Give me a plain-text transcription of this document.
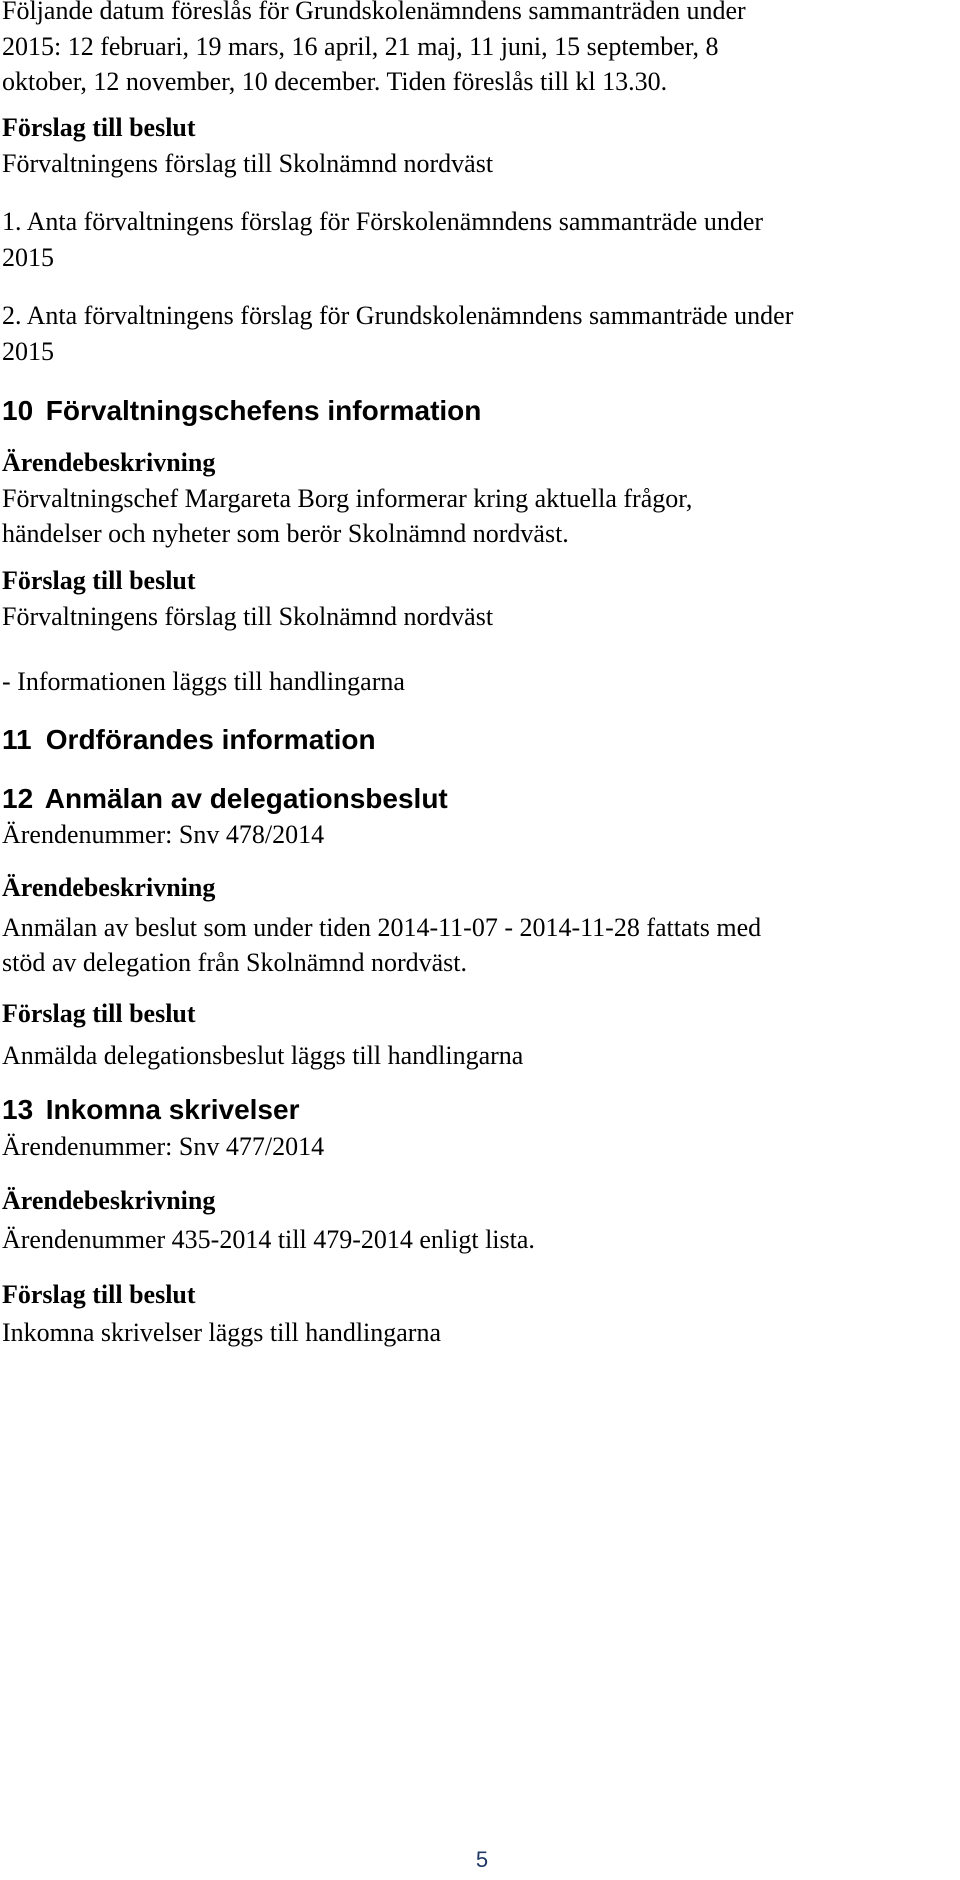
Följande datum föreslås för Grundskolenämndens sammanträden under

2015: 12 februari, 19 mars, 16 april, 21 maj, 11 juni, 15 september, 8

oktober, 12 november, 10 december. Tiden föreslås till kl 13.30.

Förslag till beslut

Förvaltningens förslag till Skolnämnd nordväst

1. Anta förvaltningens förslag för Förskolenämndens sammanträde under

2015

2. Anta förvaltningens förslag för Grundskolenämndens sammanträde under

2015

10 Förvaltningschefens information

Ärendebeskrivning

Förvaltningschef Margareta Borg informerar kring aktuella frågor,

händelser och nyheter som berör Skolnämnd nordväst.

Förslag till beslut

Förvaltningens förslag till Skolnämnd nordväst

- Informationen läggs till handlingarna

11 Ordförandes information

12 Anmälan av delegationsbeslut

Ärendenummer: Snv 478/2014

Ärendebeskrivning

Anmälan av beslut som under tiden 2014-11-07 - 2014-11-28 fattats med

stöd av delegation från Skolnämnd nordväst.

Förslag till beslut

Anmälda delegationsbeslut läggs till handlingarna

13 Inkomna skrivelser

Ärendenummer: Snv 477/2014

Ärendebeskrivning

Ärendenummer 435-2014 till 479-2014 enligt lista.

Förslag till beslut

Inkomna skrivelser läggs till handlingarna

5
